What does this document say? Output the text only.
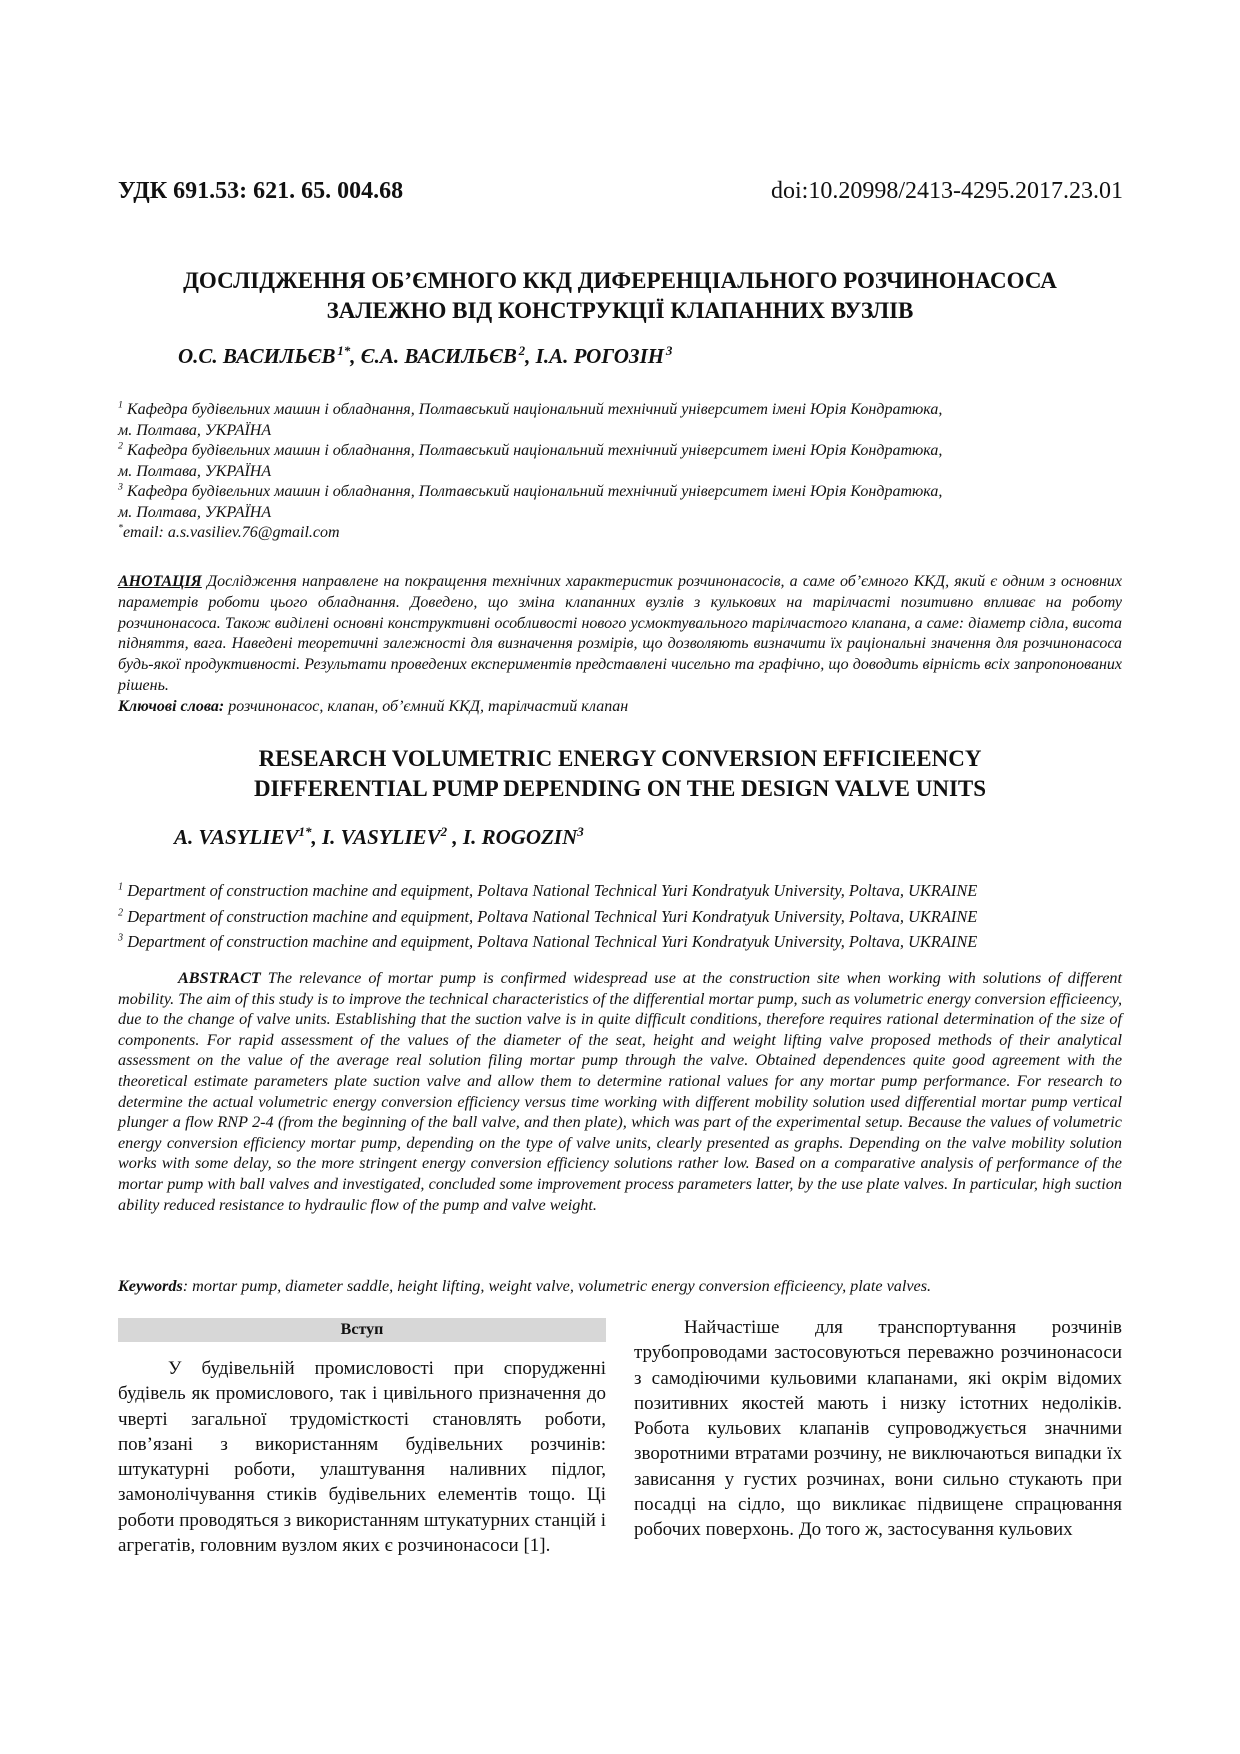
УДК 691.53: 621. 65. 004.68	doi:10.20998/2413-4295.2017.23.01
ДОСЛІДЖЕННЯ ОБ’ЄМНОГО ККД ДИФЕРЕНЦІАЛЬНОГО РОЗЧИНОНАСОСА
ЗАЛЕЖНО ВІД КОНСТРУКЦІЇ КЛАПАННИХ ВУЗЛІВ
О.С. ВАСИЛЬЄВ  $^{1*}$, Є.А. ВАСИЛЬЄВ  $^2$, І.А. РОГОЗІН  $^3$
$^1$ Кафедра будівельних машин і обладнання, Полтавський національний технічний університет імені Юрія Кондратюка,
м. Полтава, УКРАЇНА
$^2$ Кафедра будівельних машин і обладнання, Полтавський національний технічний університет імені Юрія Кондратюка,
м. Полтава, УКРАЇНА
$^3$ Кафедра будівельних машин і обладнання, Полтавський національний технічний університет імені Юрія Кондратюка,
м. Полтава, УКРАЇНА
*email: a.s.vasiliev.76@gmail.com
АНОТАЦІЯ Дослідження направлене на покращення технічних характеристик розчинонасосів, а саме об’ємного ККД, який є одним з основних параметрів роботи цього обладнання. Доведено, що зміна клапанних вузлів з кулькових на тарілчасті позитивно впливає на роботу розчинонасоса. Також виділені основні конструктивні особливості нового усмоктувального тарілчастого клапана, а саме: діаметр сідла, висота підняття, вага. Наведені теоретичні залежності для визначення розмірів, що дозволяють визначити їх раціональні значення для розчинонасоса будь-якої продуктивності. Результати проведених експериментів представлені чисельно та графічно, що доводить вірність всіх запропонованих рішень.
Ключові слова: розчинонасос, клапан, об’ємний ККД, тарілчастий клапан
RESEARCH VOLUMETRIC ENERGY CONVERSION EFFICIEENCY
DIFFERENTIAL PUMP DEPENDING ON THE DESIGN VALVE UNITS
A. $VASYLIEV^{1*}$, I. VASYLIEV$^2$ , I. ROGOZIN$^3$
$^1$ Department of construction machine and equipment, Poltava National Technical Yuri Kondratyuk University, Poltava, UKRAINE
$^2$ Department of construction machine and equipment, Poltava National Technical Yuri Kondratyuk University, Poltava, UKRAINE
$^3$ Department of construction machine and equipment, Poltava National Technical Yuri Kondratyuk University, Poltava, UKRAINE
ABSTRACT The relevance of mortar pump is confirmed widespread use at the construction site when working with solutions of different mobility. The aim of this study is to improve the technical characteristics of the differential mortar pump, such as volumetric energy conversion efficieency, due to the change of valve units. Establishing that the suction valve is in quite difficult conditions, therefore requires rational determination of the size of components. For rapid assessment of the values of the diameter of the seat, height and weight lifting valve proposed methods of their analytical assessment on the value of the average real solution filing mortar pump through the valve. Obtained dependences quite good agreement with the theoretical estimate parameters plate suction valve and allow them to determine rational values for any mortar pump performance. For research to determine the actual volumetric energy conversion efficiency versus time working with different mobility solution used differential mortar pump vertical plunger a flow RNP 2-4 (from the beginning of the ball valve, and then plate), which was part of the experimental setup. Because the values of volumetric energy conversion efficiency mortar pump, depending on the type of valve units, clearly presented as graphs. Depending on the valve mobility solution works with some delay, so the more stringent energy conversion efficiency solutions rather low. Based on a comparative analysis of performance of the mortar pump with ball valves and investigated, concluded some improvement process parameters latter, by the use plate valves. In particular, high suction ability reduced resistance to hydraulic flow of the pump and valve weight.
Keywords: mortar pump, diameter saddle, height lifting, weight valve, volumetric energy conversion efficieency, plate valves.
Вступ
У будівельній промисловості при спорудженні будівель як промислового, так і цивільного призначення до чверті загальної трудомісткості становлять роботи, пов’язані з використанням будівельних розчинів: штукатурні роботи, улаштування наливних підлог, замонолічування стиків будівельних елементів тощо. Ці роботи проводяться з використанням штукатурних станцій і агрегатів, головним вузлом яких є розчинонасоси [1].
Найчастіше для транспортування розчинів трубопроводами застосовуються переважно розчинонасоси з самодіючими кульовими клапанами, які окрім відомих позитивних якостей мають і низку істотних недоліків. Робота кульових клапанів супроводжується значними зворотними втратами розчину, не виключаються випадки їх зависання у густих розчинах, вони сильно стукають при посадці на сідло, що викликає підвищене спрацювання робочих поверхонь. До того ж, застосування кульових
